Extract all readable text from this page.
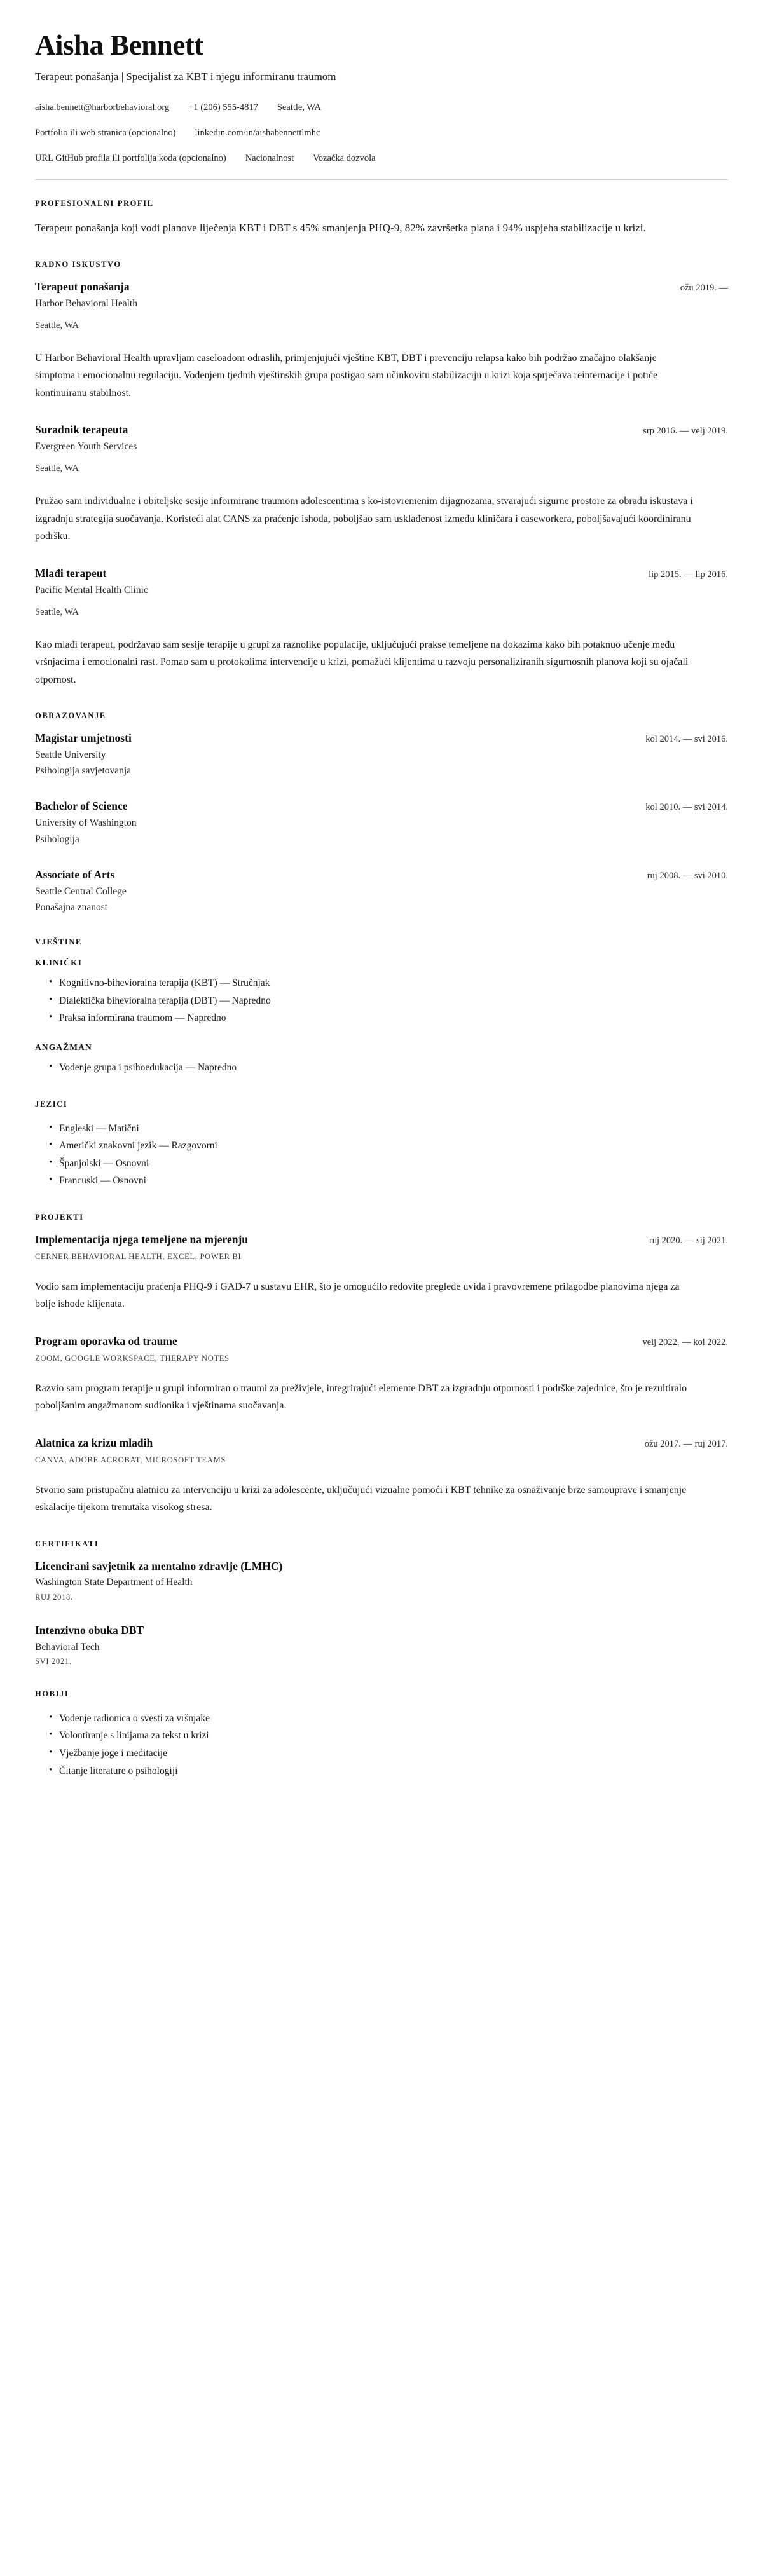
Aisha Bennett
Terapeut ponašanja | Specijalist za KBT i njegu informiranu traumom
aisha.bennett@harborbehavioral.org +1 (206) 555-4817 Seattle, WA
Portfolio ili web stranica (opcionalno) linkedin.com/in/aishabennettlmhc
URL GitHub profila ili portfolija koda (opcionalno) Nacionalnost Vozačka dozvola
PROFESIONALNI PROFIL

Terapeut ponašanja koji vodi planove liječenja KBT i DBT s 45% smanjenja PHQ-9, 82% završetka plana i 94% uspjeha stabilizacije u krizi.

RADNO ISKUSTVO
Terapeut ponašanja	ožu 2019. —
Harbor Behavioral Health
Seattle, WA

U Harbor Behavioral Health upravljam caseloadom odraslih, primjenjujući vještine KBT, DBT i prevenciju relapsa kako bih podržao značajno olakšanje simptoma i emocionalnu regulaciju. Vodenjem tjednih vještinskih grupa postigao sam učinkovitu stabilizaciju u krizi koja sprječava reinternacije i potiče kontinuiranu stabilnost.

Suradnik terapeuta	srp 2016. — velj 2019.
Evergreen Youth Services
Seattle, WA

Pružao sam individualne i obiteljske sesije informirane traumom adolescentima s ko-istovremenim dijagnozama, stvarajući sigurne prostore za obradu iskustava i izgradnju strategija suočavanja. Koristeći alat CANS za praćenje ishoda, poboljšao sam usklađenost između kliničara i caseworkera, poboljšavajući koordiniranu podršku.

Mlađi terapeut	lip 2015. — lip 2016.
Pacific Mental Health Clinic
Seattle, WA

Kao mlađi terapeut, podržavao sam sesije terapije u grupi za raznolike populacije, uključujući prakse temeljene na dokazima kako bih potaknuo učenje među vršnjacima i emocionalni rast. Pomao sam u protokolima intervencije u krizi, pomažući klijentima u razvoju personaliziranih sigurnosnih planova koji su ojačali otpornost.

OBRAZOVANJE
Magistar umjetnosti	kol 2014. — svi 2016.
Seattle University
Psihologija savjetovanja
Bachelor of Science	kol 2010. — svi 2014.
University of Washington
Psihologija
Associate of Arts	ruj 2008. — svi 2010.
Seattle Central College
Ponašajna znanost
VJEŠTINE
KLINIČKI
• Kognitivno-bihevioralna terapija (KBT) — Stručnjak
• Dialektička bihevioralna terapija (DBT) — Napredno
• Praksa informirana traumom — Napredno
ANGAŽMAN
• Vodenje grupa i psihoedukacija — Napredno
JEZICI
• Engleski — Matični
• Američki znakovni jezik — Razgovorni
• Španjolski — Osnovni
• Francuski — Osnovni
PROJEKTI
Implementacija njega temeljene na mjerenju	ruj 2020. — sij 2021.
CERNER BEHAVIORAL HEALTH, EXCEL, POWER BI

Vodio sam implementaciju praćenja PHQ-9 i GAD-7 u sustavu EHR, što je omogućilo redovite preglede uvida i pravovremene prilagodbe planovima njega za bolje ishode klijenata.

Program oporavka od traume	velj 2022. — kol 2022.
ZOOM, GOOGLE WORKSPACE, THERAPY NOTES

Razvio sam program terapije u grupi informiran o traumi za preživjele, integrirajući elemente DBT za izgradnju otpornosti i podrške zajednice, što je rezultiralo poboljšanim angažmanom sudionika i vještinama suočavanja.

Alatnica za krizu mladih	ožu 2017. — ruj 2017.
CANVA, ADOBE ACROBAT, MICROSOFT TEAMS

Stvorio sam pristupačnu alatnicu za intervenciju u krizi za adolescente, uključujući vizualne pomoći i KBT tehnike za osnaživanje brze samouprave i smanjenje eskalacije tijekom trenutaka visokog stresa.

CERTIFIKATI
Licencirani savjetnik za mentalno zdravlje (LMHC)
Washington State Department of Health
RUJ 2018.
Intenzivno obuka DBT
Behavioral Tech
SVI 2021.
HOBIJI
• Vodenje radionica o svesti za vršnjake
• Volontiranje s linijama za tekst u krizi
• Vježbanje joge i meditacije
• Čitanje literature o psihologiji
